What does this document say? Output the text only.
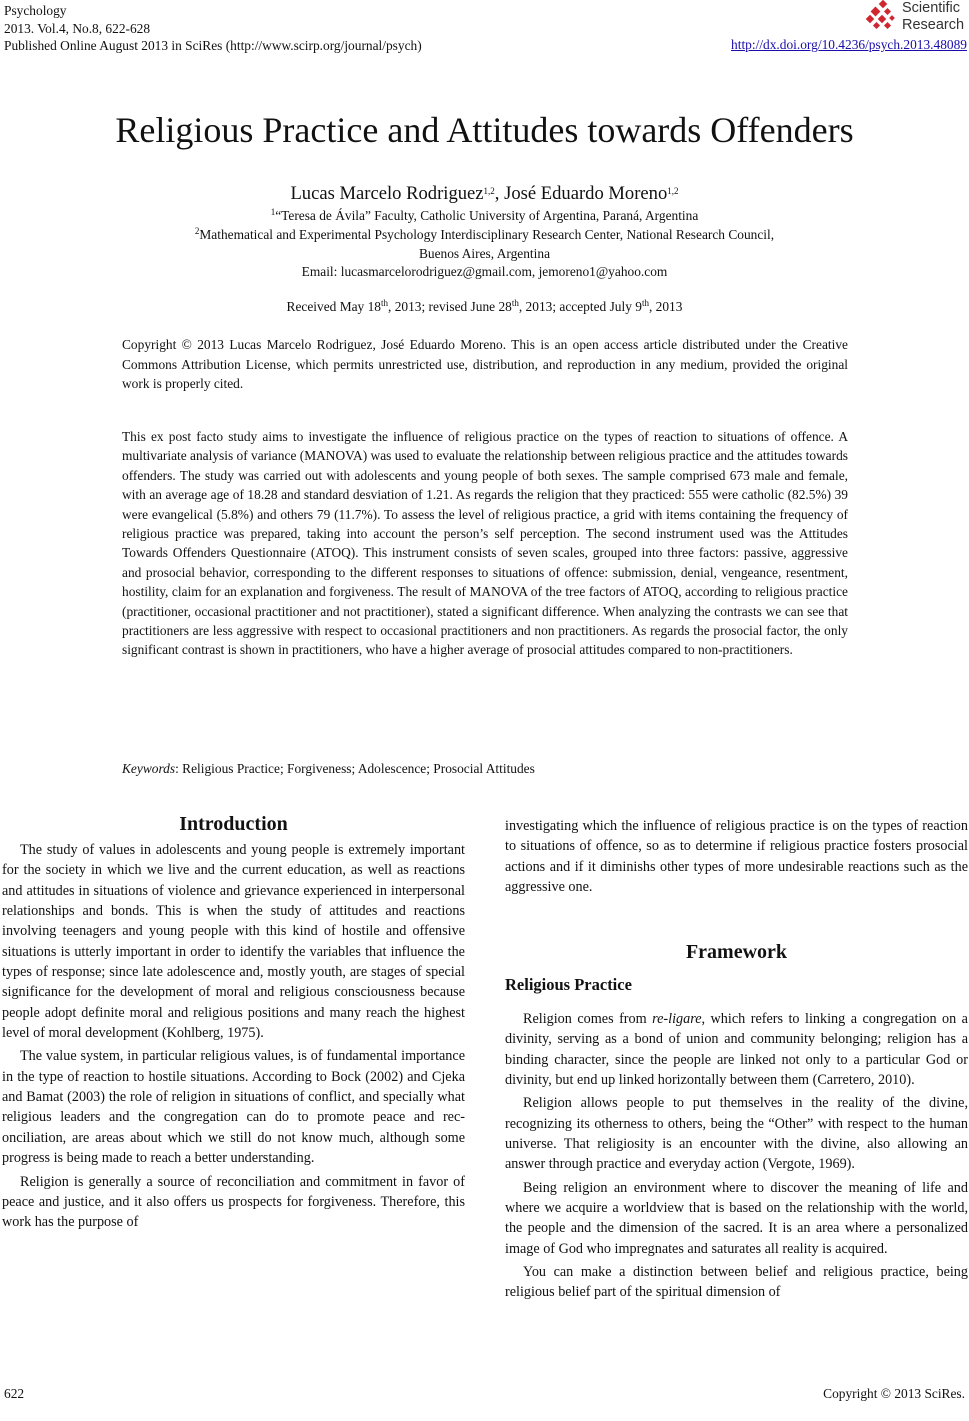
Psychology
2013. Vol.4, No.8, 622-628
Published Online August 2013 in SciRes (http://www.scirp.org/journal/psych)
Scientific
Research
http://dx.doi.org/10.4236/psych.2013.48089
Religious Practice and Attitudes towards Offenders
Lucas Marcelo Rodriguez$^{1,2}$, José Eduardo Moreno$^{1,2}$
$^1$“Teresa de Ávila” Faculty, Catholic University of Argentina, Paraná, Argentina
$^2$Mathematical and Experimental Psychology Interdisciplinary Research Center, National Research Council,
Buenos Aires, Argentina
Email: lucasmarcelorodriguez@gmail.com, jemoreno1@yahoo.com
Received May 18th, 2013; revised June 28th, 2013; accepted July 9th, 2013
Copyright © 2013 Lucas Marcelo Rodriguez, José Eduardo Moreno. This is an open access article distributed under the Creative Commons Attribution License, which permits unrestricted use, distribution, and reproduction in any medium, provided the original work is properly cited.
This ex post facto study aims to investigate the influence of religious practice on the types of reaction to situations of offence. A multivariate analysis of variance (MANOVA) was used to evaluate the relationship between religious practice and the attitudes towards offenders. The study was carried out with adolescents and young people of both sexes. The sample comprised 673 male and female, with an average age of 18.28 and standard desviation of 1.21. As regards the religion that they practiced: 555 were catholic (82.5%) 39 were evangelical (5.8%) and others 79 (11.7%). To assess the level of religious practice, a grid with items containing the frequency of religious practice was prepared, taking into account the person’s self perception. The second instrument used was the Attitudes Towards Offenders Questionnaire (ATOQ). This instrument consists of seven scales, grouped into three factors: passive, aggressive and prosocial behavior, corresponding to the different responses to situations of offence: submission, denial, vengeance, resentment, hostility, claim for an explanation and forgiveness. The result of MANOVA of the tree factors of ATOQ, according to religious practice (practitioner, occasional practitioner and not practitioner), stated a significant difference. When analyzing the contrasts we can see that practitioners are less aggressive with respect to occasional practitioners and non practitioners. As regards the prosocial factor, the only significant contrast is shown in practitioners, who have a higher average of prosocial attitudes compared to non-practitioners.
Keywords: Religious Practice; Forgiveness; Adolescence; Prosocial Attitudes
Introduction

The study of values in adolescents and young people is extremely important for the society in which we live and the current education, as well as reactions and attitudes in situations of violence and grievance experienced in interpersonal relationships and bonds. This is when the study of attitudes and reactions involving teenagers and young people with this kind of hostile and offensive situations is utterly important in order to identify the variables that influence the types of response; since late adolescence and, mostly youth, are stages of special significance for the development of moral and religious consciousness because people adopt definite moral and religious positions and many reach the highest level of moral development (Kohlberg, 1975).

The value system, in particular religious values, is of fundamental importance in the type of reaction to hostile situations. According to Bock (2002) and Cjeka and Bamat (2003) the role of religion in situations of conflict, and specially what religious leaders and the congregation can do to promote peace and reconciliation, are areas about which we still do not know much, although some progress is being made to reach a better understanding.

Religion is generally a source of reconciliation and commitment in favor of peace and justice, and it also offers us prospects for forgiveness. Therefore, this work has the purpose of

investigating which the influence of religious practice is on the types of reaction to situations of offence, so as to determine if religious practice fosters prosocial actions and if it diminishs other types of more undesirable reactions such as the aggressive one.

Framework
Religious Practice

Religion comes from re-ligare, which refers to linking a congregation on a divinity, serving as a bond of union and community belonging; religion has a binding character, since the people are linked not only to a particular God or divinity, but end up linked horizontally between them (Carretero, 2010).

Religion allows people to put themselves in the reality of the divine, recognizing its otherness to others, being the “Other” with respect to the human universe. That religiosity is an encounter with the divine, also allowing an answer through practice and everyday action (Vergote, 1969).

Being religion an environment where to discover the meaning of life and where we acquire a worldview that is based on the relationship with the world, the people and the dimension of the sacred. It is an area where a personalized image of God who impregnates and saturates all reality is acquired.

You can make a distinction between belief and religious practice, being religious belief part of the spiritual dimension of

622	Copyright © 2013 SciRes.
